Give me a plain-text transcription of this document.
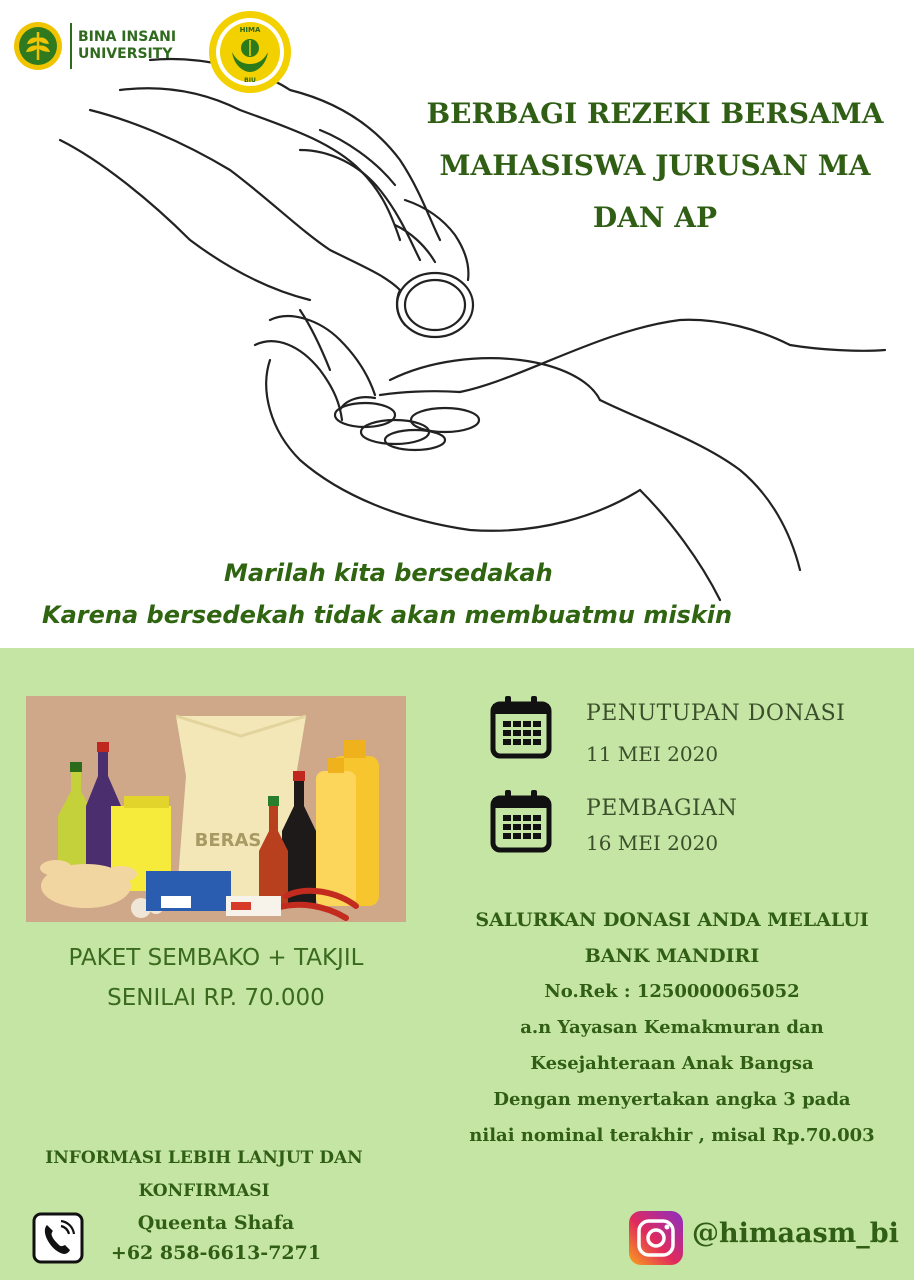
BINA INSANI
UNIVERSITY
HIMA
BIU
BERBAGI REZEKI BERSAMA
MAHASISWA JURUSAN MA
DAN AP
Marilah kita bersedakah
Karena bersedekah tidak akan membuatmu miskin
BERAS
PAKET SEMBAKO + TAKJIL
SENILAI RP. 70.000
PENUTUPAN DONASI
11 MEI 2020
PEMBAGIAN
16 MEI 2020
SALURKAN DONASI ANDA MELALUI
BANK MANDIRI
No.Rek : 1250000065052
a.n Yayasan Kemakmuran dan
Kesejahteraan Anak Bangsa
Dengan menyertakan angka 3 pada
nilai nominal terakhir , misal Rp.70.003
INFORMASI LEBIH LANJUT DAN
KONFIRMASI
Queenta Shafa
+62 858-6613-7271
@himaasm_bi
